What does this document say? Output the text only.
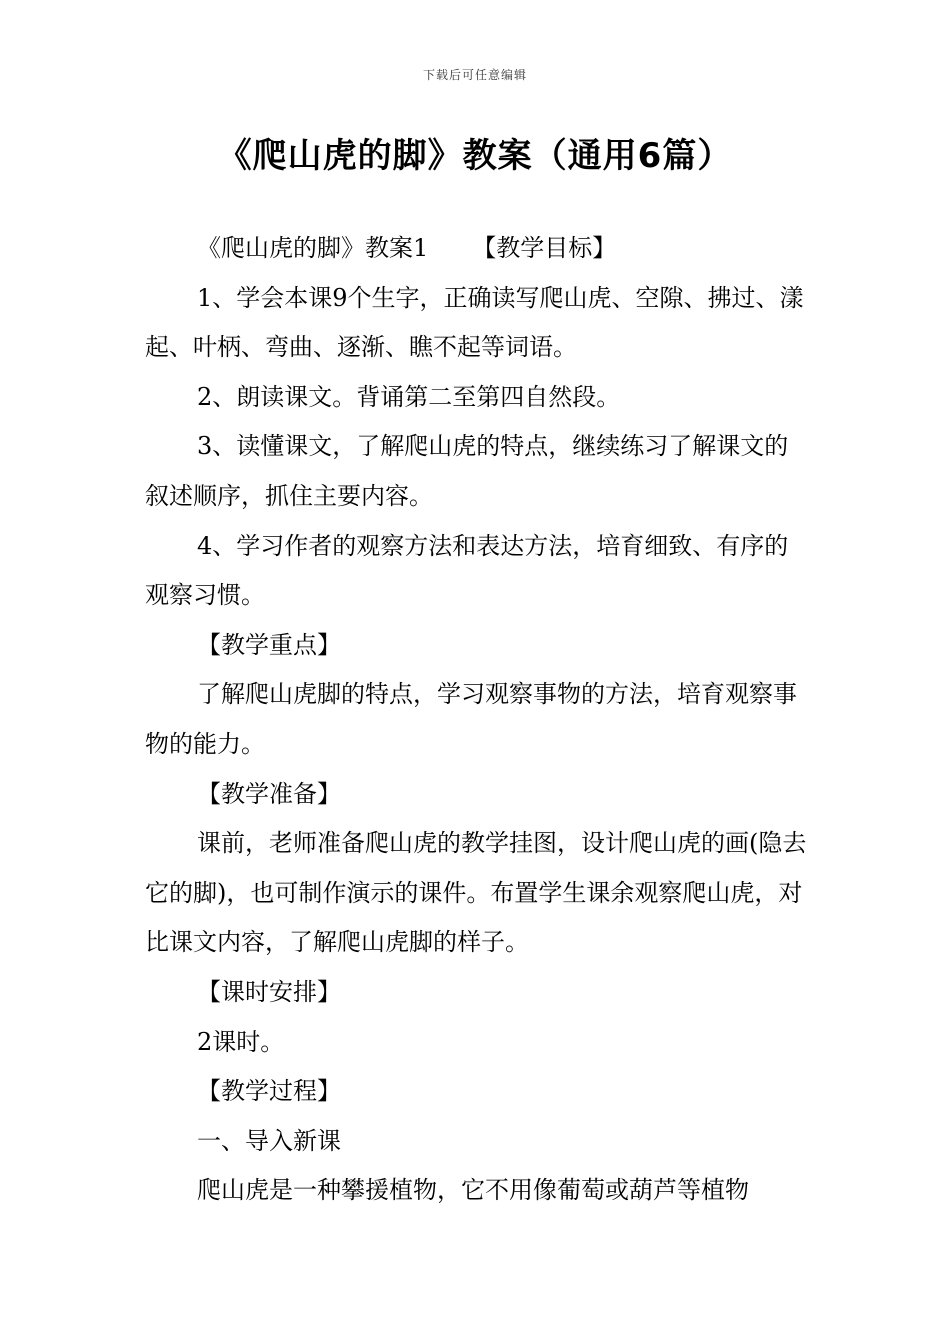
下载后可任意编辑
《爬山虎的脚》教案（通用6篇）

《爬山虎的脚》教案1 【教学目标】

1、学会本课9个生字，正确读写爬山虎、空隙、拂过、漾起、叶柄、弯曲、逐渐、瞧不起等词语。

2、朗读课文。背诵第二至第四自然段。

3、读懂课文，了解爬山虎的特点，继续练习了解课文的叙述顺序，抓住主要内容。

4、学习作者的观察方法和表达方法，培育细致、有序的观察习惯。

【教学重点】

了解爬山虎脚的特点，学习观察事物的方法，培育观察事物的能力。

【教学准备】

课前，老师准备爬山虎的教学挂图，设计爬山虎的画(隐去它的脚)，也可制作演示的课件。布置学生课余观察爬山虎，对比课文内容，了解爬山虎脚的样子。

【课时安排】

2课时。

【教学过程】

一、导入新课

爬山虎是一种攀援植物，它不用像葡萄或葫芦等植物
